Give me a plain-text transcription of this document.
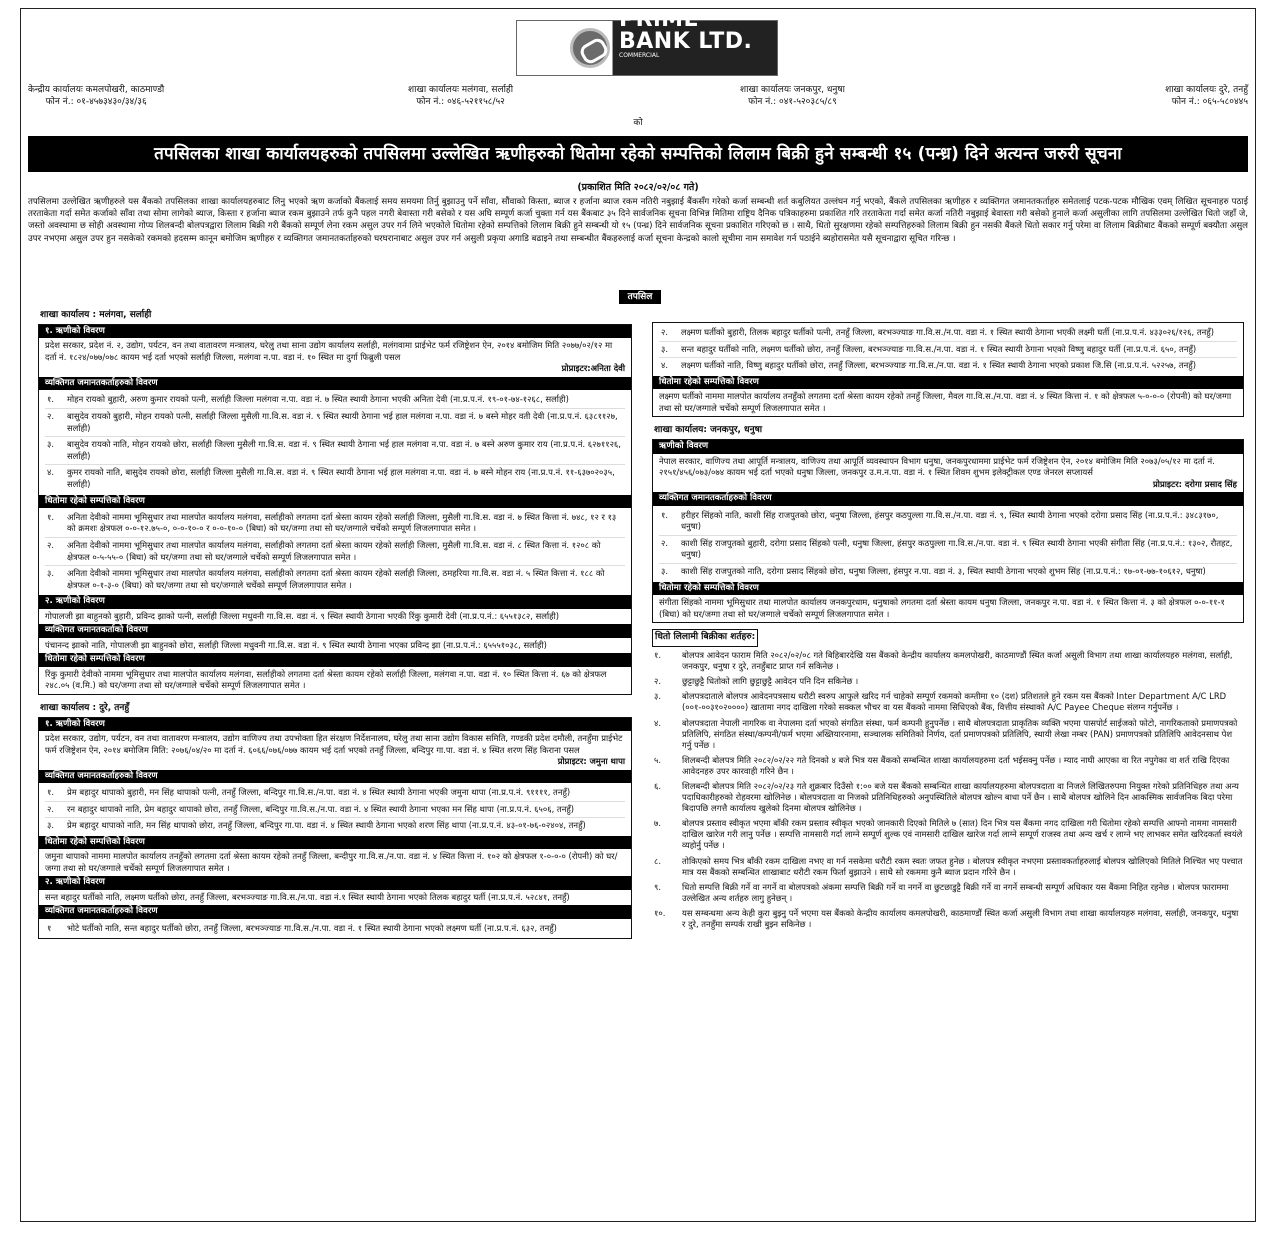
PRiME BANK LTD. $^{COMMERCIAL}$
प्राइम कमर्सियल बैंक लिमिटेड
केन्द्रीय कार्यालयः कमलपोखरी, काठमाण्डौ
फोन नं.: ०१-४५७३४३०/३४/३६
शाखा कार्यालयः मलंगवा, सर्लाही
फोन नं.: ०४६-५२११५८/५२
शाखा कार्यालयः जनकपुर, धनुषा
फोन नं.: ०४१-५२०३८५/८९
शाखा कार्यालयः दुरे, तनहुँ
फोन नं.: ०६५-५८०४४५
को
तपसिलका शाखा कार्यालयहरुको तपसिलमा उल्लेखित ऋणीहरुको धितोमा रहेको सम्पत्तिको लिलाम बिक्री हुने सम्बन्धी १५ (पन्ध्र) दिने अत्यन्त जरुरी सूचना
(प्रकाशित मिति २०८२/०२/०८ गते)
तपसिलमा उल्लेखित ऋणीहरुले यस बैंकको तपसिलका शाखा कार्यालयहरुबाट लिनु भएको ऋण कर्जाको बैंकलाई समय समयमा तिर्नु बुझाउनु पर्ने साँवा, सौंवाको किस्ता, ब्याज र हर्जाना ब्याज रकम नतिरी नबुझाई बैंकसँग गरेको कर्जा सम्बन्धी शर्त कबुलियत उल्लंघन गर्नु भएको, बैंकले तपसिलका ऋणीहरु र व्यक्तिगत जमानतकर्ताहरु समेतलाई पटक-पटक मौखिक एवम् लिखित सूचनाहरु पठाई तरताकेता गर्दा समेत कर्जाको साँवा तथा सोमा लागेको ब्याज, किस्ता र हर्जाना ब्याज रकम बुझाउने तर्फ कुनै पहल नगरी बेवास्ता गरी बसेको र यस अघि सम्पूर्ण कर्जा चुक्ता गर्न यस बैंकबाट ३५ दिने सार्वजनिक सूचना विभिन्न मितिमा राष्ट्रिय दैनिक पत्रिकाहरुमा प्रकाशित गरि तरताकेता गर्दा समेत कर्जा नतिरी नबुझाई बेवास्ता गरी बसेको हुनाले कर्जा असुलीका लागि तपसिलमा उल्लेखित धितो जहाँ जे, जस्तो अवस्थामा छ सोही अवस्थामा गोप्य शिलबन्दी बोलपत्रद्वारा लिलाम बिक्री गरी बैंकको सम्पूर्ण लेना रकम असुल उपर गर्न लिने भएकोले धितोमा रहेको सम्पत्तिको लिलाम बिक्री हुने सम्बन्धी यो १५ (पन्ध्र) दिने सार्वजनिक सूचना प्रकाशित गरिएको छ । साथै, धितो सुरक्षणमा रहेको सम्पत्तिहरुको लिलाम बिक्री हुन नसकी बैंकले धितो सकार गर्नु परेमा वा लिलाम बिक्रीबाट बैंकको सम्पूर्ण बक्यौता असुल उपर नभएमा असुल उपर हुन नसकेको रकमको हदसम्म कानून बमोजिम ऋणीहरु र व्यक्तिगत जमानतकर्ताहरुको घरघरानाबाट असुल उपर गर्न असुली प्रकृया अगाडि बढाइने तथा सम्बन्धीत बैंकहरुलाई कर्जा सूचना केन्द्रको कालो सूचीमा नाम समावेश गर्न पठाईने ब्यहोरासमेत यसै सूचनाद्वारा सूचित गरिन्छ ।
तपसिल
शाखा कार्यालय : मलंगवा, सर्लाही
१. ऋणीको विवरण
प्रदेश सरकार, प्रदेश नं. २, उद्योग, पर्यटन, वन तथा वातावरण मन्त्रालय, घरेलु तथा साना उद्योग कार्यालय सर्लाही, मलंगवामा प्राईभेट फर्म रजिष्ट्रेशन ऐन, २०१४ बमोजिम मिति २०७७/०२/१२ मा दर्ता नं. १८२४/०७७/०७८ कायम भई दर्ता भएको सर्लाही जिल्ला, मलंगवा न.पा. वडा नं. १० स्थित मा दुर्गा फिब्रुली पसल
प्रोप्राइटर:अनिता देवी
व्यक्तिगत जमानतकर्ताहरुको विवरण
१.	मोहन रायको बुहारी, अरुण कुमार रायको पत्नी, सर्लाही जिल्ला मलंगवा न.पा. वडा नं. ७ स्थित स्थायी ठेगाना भएकी अनिता देवी (ना.प्र.प.नं. १९-०१-७४-१२६८, सर्लाही)
२.	बासुदेव रायको बुहारी, मोहन रायको पत्नी, सर्लाही जिल्ला मुसैली गा.वि.स. वडा नं. ९ स्थित स्थायी ठेगाना भई हाल मलंगवा न.पा. वडा नं. ७ बस्ने मोहर वती देवी (ना.प्र.प.नं. ६३८११२७, सर्लाही)
३.	बासुदेव रायको नाति, मोहन रायको छोरा, सर्लाही जिल्ला मुसैली गा.वि.स. वडा नं. ९ स्थित स्थायी ठेगाना भई हाल मलंगवा न.पा. वडा नं. ७ बस्ने अरुण कुमार राय (ना.प्र.प.नं. ६२७११२६, सर्लाही)
४.	कुमर रायको नाति, बासुदेव रायको छोरा, सर्लाही जिल्ला मुसैली गा.वि.स. वडा नं. ९ स्थित स्थायी ठेगाना भई हाल मलंगवा न.पा. वडा नं. ७ बस्ने मोहन राय (ना.प्र.प.नं. ११-६३७०२०३५, सर्लाही)
धितोमा रहेको सम्पत्तिको विवरण
१.	अनिता देवीको नाममा भूमिसुधार तथा मालपोत कार्यालय मलंगवा, सर्लाहीको लगतमा दर्ता श्रेस्ता कायम रहेको सर्लाही जिल्ला, मुसैली गा.वि.स. वडा नं. ७ स्थित कित्ता नं. ७४८, १२ र १३ को क्रमशः क्षेत्रफल ०-०-१२.७५-०, ०-०-१०-० र ०-०-१०-० (बिघा) को घर/जग्गा तथा सो घर/जग्गाले चर्चेको सम्पूर्ण लिजलगापात समेत ।
२.	अनिता देवीको नाममा भूमिसुधार तथा मालपोत कार्यालय मलंगवा, सर्लाहीको लगतमा दर्ता श्रेस्ता कायम रहेको सर्लाही जिल्ला, मुसैली गा.वि.स. वडा नं. ८ स्थित कित्ता नं. १२०८ को क्षेत्रफल ०-५-५५-० (बिघा) को घर/जग्गा तथा सो घर/जग्गाले चर्चेको सम्पूर्ण लिजलगापात समेत ।
३.	अनिता देवीको नाममा भूमिसुधार तथा मालपोत कार्यालय मलंगवा, सर्लाहीको लगतमा दर्ता श्रेस्ता कायम रहेको सर्लाही जिल्ला, ठमहरिया गा.वि.स. वडा नं. ५ स्थित कित्ता नं. १८८ को क्षेत्रफल ०-१-३-० (बिघा) को घर/जग्गा तथा सो घर/जग्गाले चर्चेको सम्पूर्ण लिजलगापात समेत ।
२. ऋणीको विवरण
गोपालजी झा बाहुनको बुहारी, प्रविन्द झाको पत्नी, सर्लाही जिल्ला मधुवनी गा.वि.स. वडा नं. ९ स्थित स्थायी ठेगाना भएकी रिंकु कुमारी देवी (ना.प्र.प.नं.: ६५५१३८२, सर्लाही)
व्यक्तिगत जमानतकर्ताको विवरण
पंचानन्द झाको नाति, गोपालजी झा बाहुनको छोरा, सर्लाही जिल्ला मधुवनी गा.वि.स. वडा नं. ९ स्थित स्थायी ठेगाना भएका प्रविन्द झा (ना.प्र.प.नं.: ६५५५१०३८, सर्लाही)
धितोमा रहेको सम्पत्तिको विवरण
रिंकु कुमारी देवीको नाममा भूमिसुधार तथा मालपोत कार्यालय मलंगवा, सर्लाहीको लगतमा दर्ता श्रेस्ता कायम रहेको सर्लाही जिल्ला, मलंगवा न.पा. वडा नं. १० स्थित कित्ता नं. ६७ को क्षेत्रफल २४८.०५ (व.मि.) को घर/जग्गा तथा सो घर/जग्गाले चर्चेको सम्पूर्ण लिजलगापात समेत ।
शाखा कार्यालय : दुरे, तनहुँ
१. ऋणीको विवरण
प्रदेश सरकार, उद्योग, पर्यटन, वन तथा वातावरण मन्त्रालय, उद्योग वाणिज्य तथा उपभोक्ता हित संरक्षण निर्देशनालय, घरेलु तथा साना उद्योग विकास समिति, गण्डकी प्रदेश दमौली, तनहुँमा प्राईभेट फर्म रजिष्ट्रेशन ऐन, २०१४ बमोजिम मिति: २०७६/०४/२० मा दर्ता नं. ६०६६/०७६/०७७ कायम भई दर्ता भएको तनहुँ जिल्ला, बन्दिपुर गा.पा. वडा नं. ४ स्थित शरण सिंह किराना पसल
प्रोप्राइटर: जमुना थापा
व्यक्तिगत जमानतकर्ताहरुको विवरण
१.	प्रेम बहादुर थापाको बुहारी, मन सिंह थापाको पत्नी, तनहुँ जिल्ला, बन्दिपुर गा.वि.स./न.पा. वडा नं. ४ स्थित स्थायी ठेगाना भएकी जमुना थापा (ना.प्र.प.नं. ९११११, तनहुँ)
२.	रन बहादुर थापाको नाति, प्रेम बहादुर थापाको छोरा, तनहुँ जिल्ला, बन्दिपुर गा.वि.स./न.पा. वडा नं. ४ स्थित स्थायी ठेगाना भएका मन सिंह थापा (ना.प्र.प.नं. ६५०६, तनहुँ)
३.	प्रेम बहादुर थापाको नाति, मन सिंह थापाको छोरा, तनहुँ जिल्ला, बन्दिपुर गा.पा. वडा नं. ४ स्थित स्थायी ठेगाना भएको शरण सिंह थापा (ना.प्र.प.नं. ४३-०१-७६-०२४०४, तनहुँ)
धितोमा रहेको सम्पत्तिको विवरण
जमुना थापाको नाममा मालपोत कार्यालय तनहुँको लगतमा दर्ता श्रेस्ता कायम रहेको तनहुँ जिल्ला, बन्दीपुर गा.वि.स./न.पा. वडा नं. ४ स्थित कित्ता नं. १०२ को क्षेत्रफल १-०-०-० (रोपनी) को घर/जग्गा तथा सो घर/जग्गाले चर्चेको सम्पूर्ण लिजलगापात समेत ।
२. ऋणीको विवरण
सन्त बहादुर घर्तीको नाति, लक्ष्मण घर्तीको छोरा, तनहुँ जिल्ला, बरभञ्ज्याङ गा.वि.स./न.पा. वडा नं.१ स्थित स्थायी ठेगाना भएको तिलक बहादुर घर्ती (ना.प्र.प.नं. ५२८४१, तनहुँ)
व्यक्तिगत जमानतकर्ताहरुको विवरण
१	भोटे घर्तीको नाति, सन्त बहादुर घर्तीको छोरा, तनहुँ जिल्ला, बरभञ्ज्याङ गा.वि.स./न.पा. वडा नं. १ स्थित स्थायी ठेगाना भएको लक्ष्मण घर्ती (ना.प्र.प.नं. ६३२, तनहुँ)
२.	लक्ष्मण घर्तीको बुहारी, तिलक बहादुर घर्तीको पत्नी, तनहुँ जिल्ला, बरभञ्ज्याङ गा.वि.स./न.पा. वडा नं. १ स्थित स्थायी ठेगाना भएकी लक्ष्मी घर्ती (ना.प्र.प.नं. ४३३०२६/१२६, तनहुँ)
३.	सन्त बहादुर घर्तीको नाति, लक्ष्मण घर्तीको छोरा, तनहुँ जिल्ला, बरभञ्ज्याङ गा.वि.स./न.पा. वडा नं. १ स्थित स्थायी ठेगाना भएको विष्णु बहादुर घर्ती (ना.प्र.प.नं. ६५०, तनहुँ)
४.	लक्ष्मण घर्तीको नाति, विष्णु बहादुर घर्तीको छोरा, तनहुँ जिल्ला, बरभञ्ज्याङ गा.वि.स./न.पा. वडा नं. १ स्थित स्थायी ठेगाना भएको प्रकाश जि.सि (ना.प्र.प.नं. ५२२५७, तनहुँ)
धितोमा रहेको सम्पत्तिको विवरण
लक्ष्मण घर्तीको नाममा मालपोत कार्यालय तनहुँको लगतमा दर्ता श्रेस्ता कायम रहेको तनहुँ जिल्ला, मैवल गा.वि.स./न.पा. वडा नं. ४ स्थित कित्ता नं. १ को क्षेत्रफल ५-०-०-० (रोपनी) को घर/जग्गा तथा सो घर/जग्गाले चर्चेको सम्पूर्ण लिजलगापात समेत ।
शाखा कार्यालय: जनकपुर, धनुषा
ऋणीको विवरण
नेपाल सरकार, वाणिज्य तथा आपूर्ति मन्त्रालय, वाणिज्य तथा आपूर्ति व्यवस्थापन विभाग धनुषा, जनकपुरधाममा प्राईभेट फर्म रजिष्ट्रेशन ऐन, २०१४ बमोजिम मिति २०७३/०५/१२ मा दर्ता नं. २१५१/४५६/०७३/०७४ कायम भई दर्ता भएको धनुषा जिल्ला, जनकपुर उ.म.न.पा. वडा नं. १ स्थित शिवम शुभम इलेक्ट्रीकल एण्ड जेनरल सप्लायर्स
प्रोप्राइटर: दरोगा प्रसाद सिंह
व्यक्तिगत जमानतकर्ताहरुको विवरण
१.	हरीहर सिंहको नाति, काशी सिंह राजपुतको छोरा, धनुषा जिल्ला, हंसपुर कठपुल्ला गा.वि.स./न.पा. वडा नं. ९, स्थित स्थायी ठेगाना भएको दरोगा प्रसाद सिंह (ना.प्र.प.नं.: ३४८३१७०, धनुषा)
२.	काशी सिंह राजपुतको बुहारी, दरोगा प्रसाद सिंहको पत्नी, धनुषा जिल्ला, हंसपुर कठपुल्ला गा.वि.स./न.पा. वडा नं. ९ स्थित स्थायी ठेगाना भएकी संगीता सिंह (ना.प्र.प.नं.: १३०२, रौतहट, धनुषा)
३.	काशी सिंह राजपुतको नाति, दरोगा प्रसाद सिंहको छोरा, धनुषा जिल्ला, हंसपुर न.पा. वडा नं. ३, स्थित स्थायी ठेगाना भएको शुभम सिंह (ना.प्र.प.नं.: १७-०१-७७-१०६१२, धनुषा)
धितोमा रहेको सम्पत्तिको विवरण
संगीता सिंहको नाममा भूमिसुधार तथा मालपोत कार्यालय जनकपुरधाम, धनुषाको लगतमा दर्ता श्रेस्ता कायम धनुषा जिल्ला, जनकपुर न.पा. वडा नं. १ स्थित कित्ता नं. ३ को क्षेत्रफल ०-०-११-१ (बिघा) को घर/जग्गा तथा सो घर/जग्गाले चर्चेको सम्पूर्ण लिजलगापात समेत ।
धितो लिलामी बिक्रीका शर्तहरु:
१.	बोलपत्र आवेदन फाराम मिति २०८२/०२/०८ गते बिहिबारदेखि यस बैंकको केन्द्रीय कार्यालय कमलपोखरी, काठमाण्डौं स्थित कर्जा असुली विभाग तथा शाखा कार्यालयहरु मलंगवा, सर्लाही, जनकपुर, धनुषा र दुरे, तनहुँबाट प्राप्त गर्न सकिनेछ ।
२.	छुट्टाछुट्टै धितोको लागि छुट्टाछुट्टै आवेदन पनि दिन सकिनेछ ।
३.	बोलपत्रदाताले बोलपत्र आवेदनपत्रसाथ धरौटी स्वरुप आफुले खरिद गर्न चाहेको सम्पूर्ण रकमको कम्तीमा १० (दश) प्रतिशतले हुने रकम यस बैंकको Inter Department A/C LRD (००१-००३१०२००००) खातामा नगद दाखिला गरेको सक्कल भौचर वा यस बैंकको नाममा सिधिएको बैंक, वित्तीय संस्थाको A/C Payee Cheque संलग्न गर्नुपर्नेछ ।
४.	बोलपत्रदाता नेपाली नागरिक वा नेपालमा दर्ता भएको संगठित संस्था, फर्म कम्पनी हुनुपर्नेछ । साथै बोलपत्रदाता प्राकृतिक व्यक्ति भएमा पासपोर्ट साईजको फोटो, नागरिकताको प्रमाणपत्रको प्रतिलिपि, संगठित संस्था/कम्पनी/फर्म भएमा अख्तियारनामा, सञ्चालक समितिको निर्णय, दर्ता प्रमाणपत्रको प्रतिलिपि, स्थायी लेखा नम्बर (PAN) प्रमाणपत्रको प्रतिलिपि आवेदनसाथ पेश गर्नु पर्नेछ ।
५.	शिलबन्दी बोलपत्र मिति २०८२/०२/२२ गते दिनको ४ बजे भित्र यस बैंकको सम्बन्धित शाखा कार्यालयहरुमा दर्ता भईसक्नु पर्नेछ । म्याद नाघी आएका वा रित नपुगेका वा शर्त राखि दिएका आवेदनहरु उपर कारवाही गरिने छैन ।
६.	शिलबन्दी बोलपत्र मिति २०८२/०२/२३ गते शुक्रबार दिउँसो १:०० बजे यस बैंकको सम्बन्धित शाखा कार्यालयहरुमा बोलपत्रदाता वा निजले लिखितरुपमा नियुक्त गरेको प्रतिनिधिहरु तथा अन्य पदाधिकारीहरुको रोहवरमा खोलिनेछ । बोलपत्रदाता वा निजको प्रतिनिधिहरुको अनुपस्थितिले बोलपत्र खोल्न बाधा पर्ने छैन । साथै बोलपत्र खोलिने दिन आकस्मिक सार्वजनिक बिदा परेमा बिदापछि लगत्तै कार्यालय खुलेको दिनमा बोलपत्र खोलिनेछ ।
७.	बोलपत्र प्रस्ताव स्वीकृत भएमा बाँकी रकम प्रस्ताव स्वीकृत भएको जानकारी दिएको मितिले ७ (सात) दिन भित्र यस बैंकमा नगद दाखिला गरी धितोमा रहेको सम्पत्ति आफ्नो नाममा नामसारी दाखिल खारेज गरी लानु पर्नेछ । सम्पत्ति नामसारी गर्दा लाग्ने सम्पूर्ण शुल्क एवं नामसारी दाखिल खारेज गर्दा लाग्ने सम्पूर्ण राजस्व तथा अन्य खर्च र लाग्ने भए लाभकर समेत खरिदकर्ता स्वयंले व्यहोर्नु पर्नेछ ।
८.	तोकिएको समय भित्र बाँकी रकम दाखिला नभए वा गर्न नसकेमा धरौटी रकम स्वतः जफत हुनेछ । बोलपत्र स्वीकृत नभएमा प्रस्तावकर्ताहरुलाई बोलपत्र खोलिएको मितिले निश्चित भए पश्चात मात्र यस बैंकको सम्बन्धित शाखाबाट धरौटी रकम फिर्ता बुझाउने । साथै सो रकममा कुनै ब्याज प्रदान गरिने छैन ।
९.	धितो सम्पत्ति बिक्री गर्ने वा नगर्ने वा बोलपत्रको अंकमा सम्पत्ति बिक्री गर्ने वा नगर्ने वा छुटछाडुट्टै बिक्री गर्ने वा नगर्ने सम्बन्धी सम्पूर्ण अधिकार यस बैंकमा निहित रहनेछ । बोलपत्र फाराममा उल्लेखित अन्य शर्तहरु लागु हुनेछन् ।
१०.	यस सम्बन्धमा अन्य केही कुरा बुझ्नु पर्ने भएमा यस बैंकको केन्द्रीय कार्यालय कमलपोखरी, काठमाण्डौं स्थित कर्जा असुली विभाग तथा शाखा कार्यालयहरु मलंगवा, सर्लाही, जनकपुर, धनुषा र दुरे, तनहुँमा सम्पर्क राखी बुझ्न सकिनेछ ।
